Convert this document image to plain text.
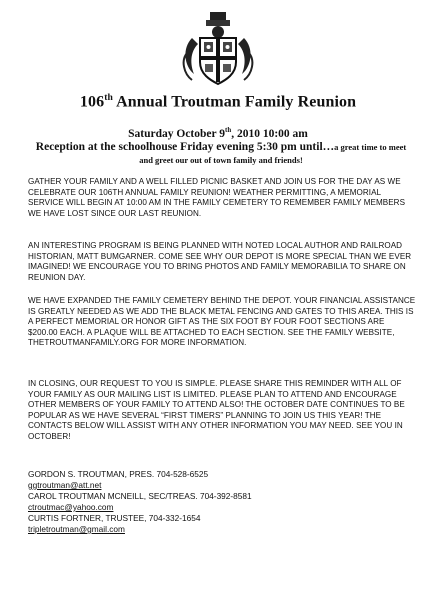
106th Annual Troutman Family Reunion
Saturday October 9th, 2010 10:00 am
Reception at the schoolhouse Friday evening 5:30 pm until…a great time to meet and greet our out of town family and friends!
GATHER YOUR FAMILY AND A WELL FILLED PICNIC BASKET AND JOIN US FOR THE DAY AS WE CELEBRATE OUR 106TH ANNUAL FAMILY REUNION! WEATHER PERMITTING, A MEMORIAL SERVICE WILL BEGIN AT 10:00 AM IN THE FAMILY CEMETERY TO REMEMBER FAMILY MEMBERS WE HAVE LOST SINCE OUR LAST REUNION.
AN INTERESTING PROGRAM IS BEING PLANNED WITH NOTED LOCAL AUTHOR AND RAILROAD HISTORIAN, MATT BUMGARNER. COME SEE WHY OUR DEPOT IS MORE SPECIAL THAN WE EVER IMAGINED! WE ENCOURAGE YOU TO BRING PHOTOS AND FAMILY MEMORABILIA TO SHARE ON REUNION DAY.
WE HAVE EXPANDED THE FAMILY CEMETERY BEHIND THE DEPOT. YOUR FINANCIAL ASSISTANCE IS GREATLY NEEDED AS WE ADD THE BLACK METAL FENCING AND GATES TO THIS AREA. THIS IS A PERFECT MEMORIAL OR HONOR GIFT AS THE SIX FOOT BY FOUR FOOT SECTIONS ARE $200.00 EACH. A PLAQUE WILL BE ATTACHED TO EACH SECTION. SEE THE FAMILY WEBSITE, THETROUTMANFAMILY.ORG FOR MORE INFORMATION.
IN CLOSING, OUR REQUEST TO YOU IS SIMPLE. PLEASE SHARE THIS REMINDER WITH ALL OF YOUR FAMILY AS OUR MAILING LIST IS LIMITED. PLEASE PLAN TO ATTEND AND ENCOURAGE OTHER MEMBERS OF YOUR FAMILY TO ATTEND ALSO! THE OCTOBER DATE CONTINUES TO BE POPULAR AS WE HAVE SEVERAL “FIRST TIMERS” PLANNING TO JOIN US THIS YEAR! THE CONTACTS BELOW WILL ASSIST WITH ANY OTHER INFORMATION YOU MAY NEED. SEE YOU IN OCTOBER!
GORDON S. TROUTMAN, PRES. 704-528-6525
ggtroutman@att.net
CAROL TROUTMAN MCNEILL, SEC/TREAS. 704-392-8581
ctroutmac@yahoo.com
CURTIS FORTNER, TRUSTEE, 704-332-1654
tripletroutman@gmail.com
